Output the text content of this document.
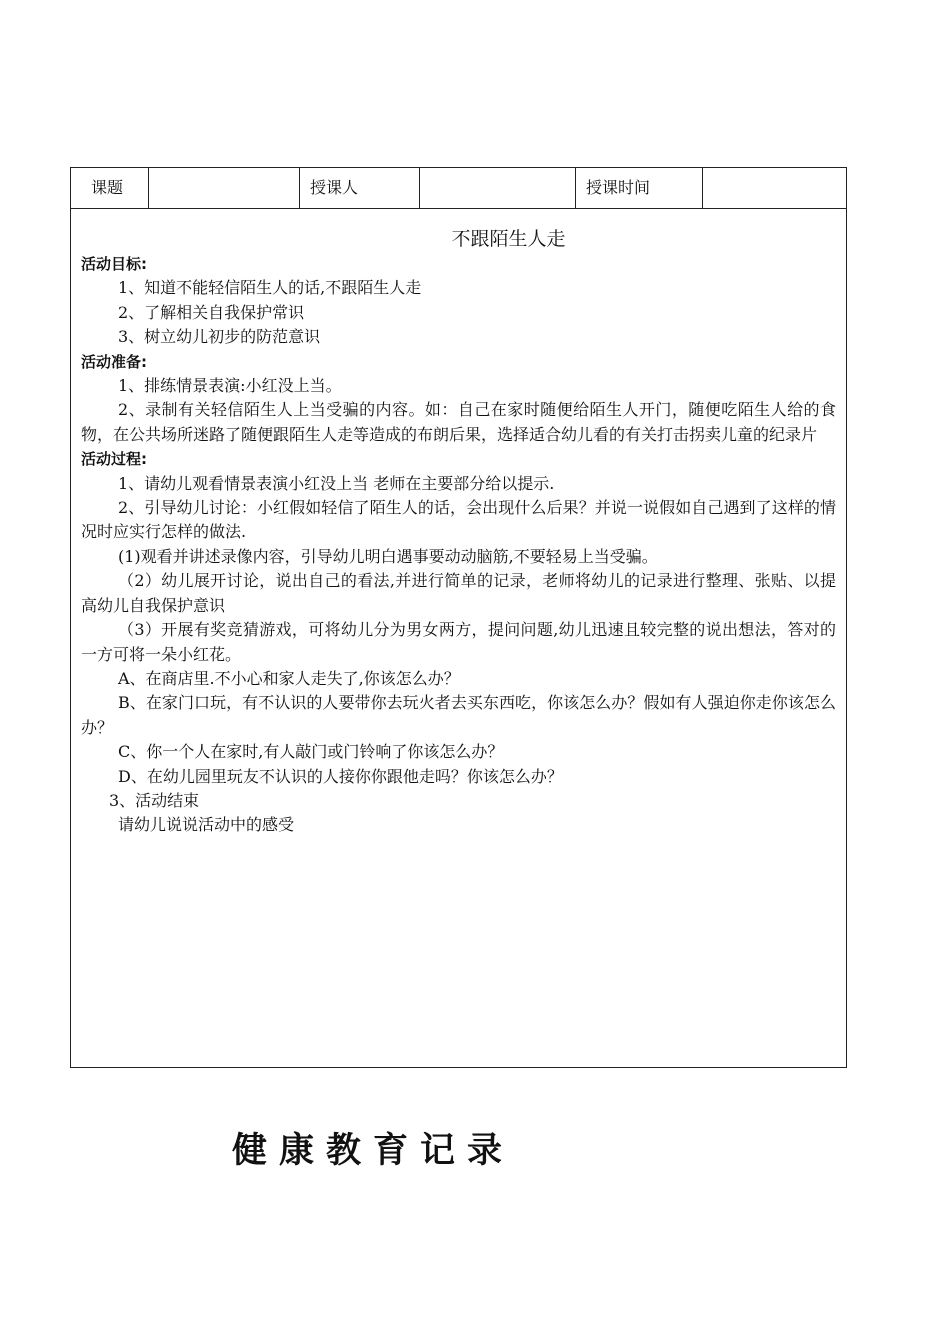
课题	授课人	授课时间
不跟陌生人走
活动目标:
1、知道不能轻信陌生人的话,不跟陌生人走
2、了解相关自我保护常识
3、树立幼儿初步的防范意识
活动准备:
1、排练情景表演:小红没上当。
2、录制有关轻信陌生人上当受骗的内容。如：自己在家时随便给陌生人开门，随便吃陌生人给的食物，在公共场所迷路了随便跟陌生人走等造成的布朗后果，选择适合幼儿看的有关打击拐卖儿童的纪录片
活动过程:
1、请幼儿观看情景表演小红没上当 老师在主要部分给以提示.
2、引导幼儿讨论：小红假如轻信了陌生人的话，会出现什么后果？并说一说假如自己遇到了这样的情况时应实行怎样的做法.
(1)观看并讲述录像内容，引导幼儿明白遇事要动动脑筋,不要轻易上当受骗。
（2）幼儿展开讨论，说出自己的看法,并进行简单的记录，老师将幼儿的记录进行整理、张贴、以提高幼儿自我保护意识
（3）开展有奖竞猜游戏，可将幼儿分为男女两方，提问问题,幼儿迅速且较完整的说出想法，答对的一方可将一朵小红花。
A、在商店里.不小心和家人走失了,你该怎么办？
B、在家门口玩，有不认识的人要带你去玩火者去买东西吃，你该怎么办？假如有人强迫你走你该怎么办？
C、你一个人在家时,有人敲门或门铃响了你该怎么办？
D、在幼儿园里玩友不认识的人接你你跟他走吗？你该怎么办？
3、活动结束
请幼儿说说活动中的感受
健康教育记录
